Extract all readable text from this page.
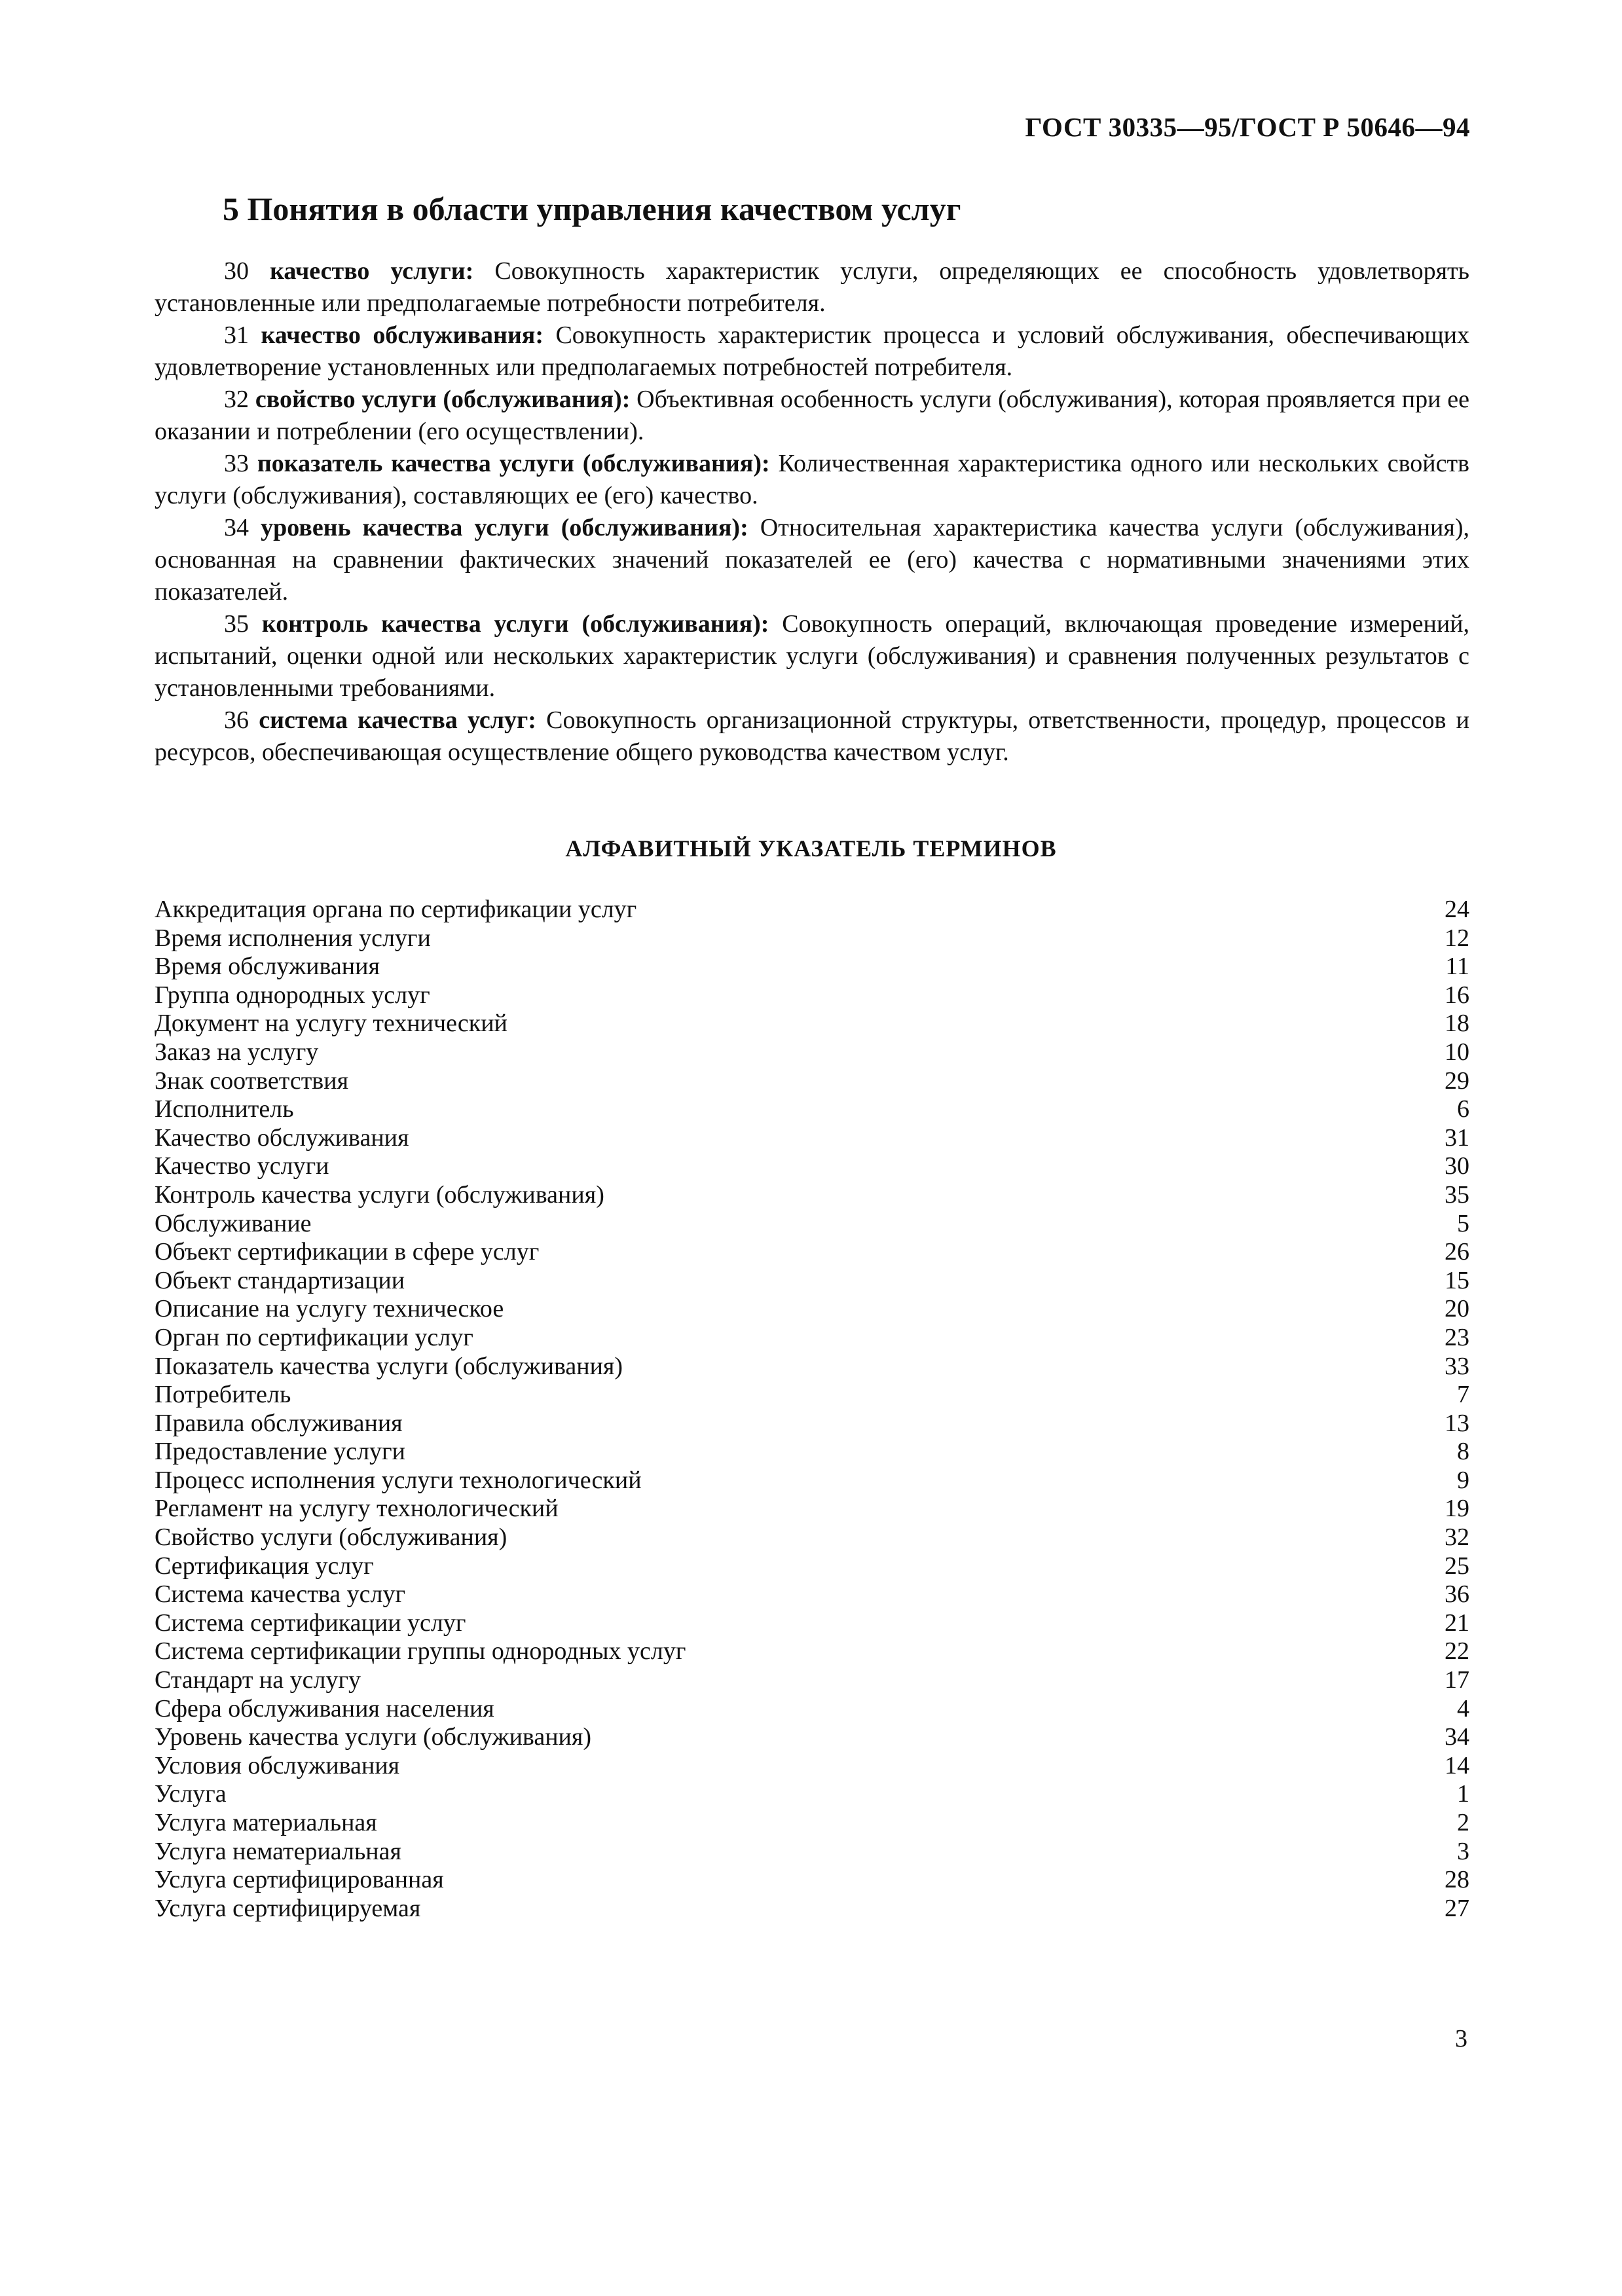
ГОСТ 30335—95/ГОСТ Р 50646—94
5 Понятия в области управления качеством услуг

30 качество услуги: Совокупность характеристик услуги, определяющих ее способность удовлетворять установленные или предполагаемые потребности потребителя.

31 качество обслуживания: Совокупность характеристик процесса и условий обслуживания, обеспечивающих удовлетворение установленных или предполагаемых потребностей потребителя.

32 свойство услуги (обслуживания): Объективная особенность услуги (обслуживания), которая проявляется при ее оказании и потреблении (его осуществлении).

33 показатель качества услуги (обслуживания): Количественная характеристика одного или нескольких свойств услуги (обслуживания), составляющих ее (его) качество.

34 уровень качества услуги (обслуживания): Относительная характеристика качества услуги (обслуживания), основанная на сравнении фактических значений показателей ее (его) качества с нормативными значениями этих показателей.

35 контроль качества услуги (обслуживания): Совокупность операций, включающая проведение измерений, испытаний, оценки одной или нескольких характеристик услуги (обслуживания) и сравнения полученных результатов с установленными требованиями.

36 система качества услуг: Совокупность организационной структуры, ответственности, процедур, процессов и ресурсов, обеспечивающая осуществление общего руководства качеством услуг.

АЛФАВИТНЫЙ УКАЗАТЕЛЬ ТЕРМИНОВ
Аккредитация органа по сертификации услуг	24
Время исполнения услуги	12
Время обслуживания	11
Группа однородных услуг	16
Документ на услугу технический	18
Заказ на услугу	10
Знак соответствия	29
Исполнитель	6
Качество обслуживания	31
Качество услуги	30
Контроль качества услуги (обслуживания)	35
Обслуживание	5
Объект сертификации в сфере услуг	26
Объект стандартизации	15
Описание на услугу техническое	20
Орган по сертификации услуг	23
Показатель качества услуги (обслуживания)	33
Потребитель	7
Правила обслуживания	13
Предоставление услуги	8
Процесс исполнения услуги технологический	9
Регламент на услугу технологический	19
Свойство услуги (обслуживания)	32
Сертификация услуг	25
Система качества услуг	36
Система сертификации услуг	21
Система сертификации группы однородных услуг	22
Стандарт на услугу	17
Сфера обслуживания населения	4
Уровень качества услуги (обслуживания)	34
Условия обслуживания	14
Услуга	1
Услуга материальная	2
Услуга нематериальная	3
Услуга сертифицированная	28
Услуга сертифицируемая	27
3
